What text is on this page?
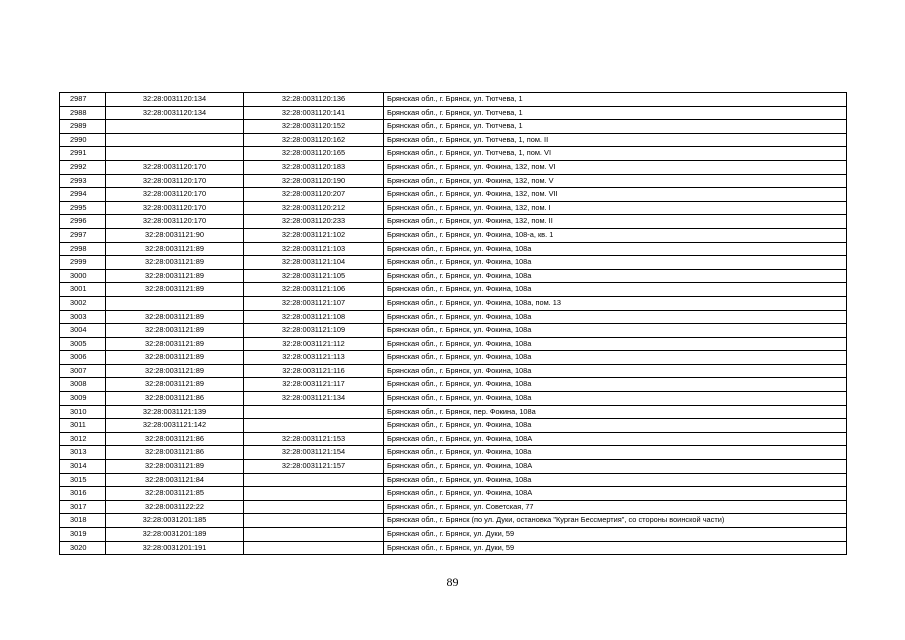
2987	32:28:0031120:134	32:28:0031120:136	Брянская обл., г. Брянск, ул. Тютчева, 1
2988	32:28:0031120:134	32:28:0031120:141	Брянская обл., г. Брянск, ул. Тютчева, 1
2989		32:28:0031120:152	Брянская обл., г. Брянск, ул. Тютчева, 1
2990		32:28:0031120:162	Брянская обл., г. Брянск, ул. Тютчева, 1, пом. II
2991		32:28:0031120:165	Брянская обл., г. Брянск, ул. Тютчева, 1, пом. VI
2992	32:28:0031120:170	32:28:0031120:183	Брянская обл., г. Брянск, ул. Фокина, 132, пом. VI
2993	32:28:0031120:170	32:28:0031120:190	Брянская обл., г. Брянск, ул. Фокина, 132, пом. V
2994	32:28:0031120:170	32:28:0031120:207	Брянская обл., г. Брянск, ул. Фокина, 132, пом. VII
2995	32:28:0031120:170	32:28:0031120:212	Брянская обл., г. Брянск, ул. Фокина, 132, пом. I
2996	32:28:0031120:170	32:28:0031120:233	Брянская обл., г. Брянск, ул. Фокина, 132, пом. II
2997	32:28:0031121:90	32:28:0031121:102	Брянская обл., г. Брянск, ул. Фокина, 108-а, кв. 1
2998	32:28:0031121:89	32:28:0031121:103	Брянская обл., г. Брянск, ул. Фокина, 108а
2999	32:28:0031121:89	32:28:0031121:104	Брянская обл., г. Брянск, ул. Фокина, 108а
3000	32:28:0031121:89	32:28:0031121:105	Брянская обл., г. Брянск, ул. Фокина, 108а
3001	32:28:0031121:89	32:28:0031121:106	Брянская обл., г. Брянск, ул. Фокина, 108а
3002		32:28:0031121:107	Брянская обл., г. Брянск, ул. Фокина, 108а, пом. 13
3003	32:28:0031121:89	32:28:0031121:108	Брянская обл., г. Брянск, ул. Фокина, 108а
3004	32:28:0031121:89	32:28:0031121:109	Брянская обл., г. Брянск, ул. Фокина, 108а
3005	32:28:0031121:89	32:28:0031121:112	Брянская обл., г. Брянск, ул. Фокина, 108а
3006	32:28:0031121:89	32:28:0031121:113	Брянская обл., г. Брянск, ул. Фокина, 108а
3007	32:28:0031121:89	32:28:0031121:116	Брянская обл., г. Брянск, ул. Фокина, 108а
3008	32:28:0031121:89	32:28:0031121:117	Брянская обл., г. Брянск, ул. Фокина, 108а
3009	32:28:0031121:86	32:28:0031121:134	Брянская обл., г. Брянск, ул. Фокина, 108а
3010	32:28:0031121:139		Брянская обл., г. Брянск, пер. Фокина, 108а
3011	32:28:0031121:142		Брянская обл., г. Брянск, ул. Фокина, 108а
3012	32:28:0031121:86	32:28:0031121:153	Брянская обл., г. Брянск, ул. Фокина, 108А
3013	32:28:0031121:86	32:28:0031121:154	Брянская обл., г. Брянск, ул. Фокина, 108а
3014	32:28:0031121:89	32:28:0031121:157	Брянская обл., г. Брянск, ул. Фокина, 108А
3015	32:28:0031121:84		Брянская обл., г. Брянск, ул. Фокина, 108а
3016	32:28:0031121:85		Брянская обл., г. Брянск, ул. Фокина, 108А
3017	32:28:0031122:22		Брянская обл., г. Брянск, ул. Советская, 77
3018	32:28:0031201:185		Брянская обл., г. Брянск (по ул. Дуки, остановка "Курган Бессмертия", со стороны воинской части)
3019	32:28:0031201:189		Брянская обл., г. Брянск, ул. Дуки, 59
3020	32:28:0031201:191		Брянская обл., г. Брянск, ул. Дуки, 59
89
